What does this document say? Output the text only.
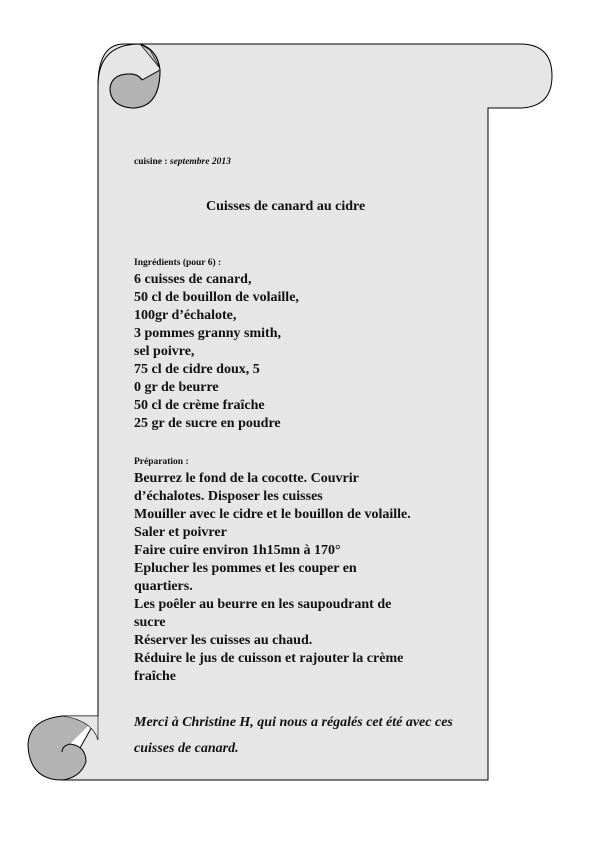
cuisine : septembre 2013
Cuisses de canard au cidre
Ingrédients (pour 6) :
6 cuisses de canard,
50 cl de bouillon de volaille,
100gr d’échalote,
3 pommes granny smith,
sel poivre,
75 cl de cidre doux, 5
0 gr de beurre
50 cl de crème fraîche
25 gr de sucre en poudre
Préparation :
Beurrez le fond de la cocotte. Couvrir
d’échalotes. Disposer les cuisses
Mouiller avec le cidre et le bouillon de volaille.
Saler et poivrer
Faire cuire environ 1h15mn à 170°
Eplucher les pommes et les couper en
quartiers.
Les poêler au beurre en les saupoudrant de
sucre
Réserver les cuisses au chaud.
Réduire le jus de cuisson et rajouter la crème
fraîche
Merci à Christine H, qui nous a régalés cet été avec ces cuisses de canard.
